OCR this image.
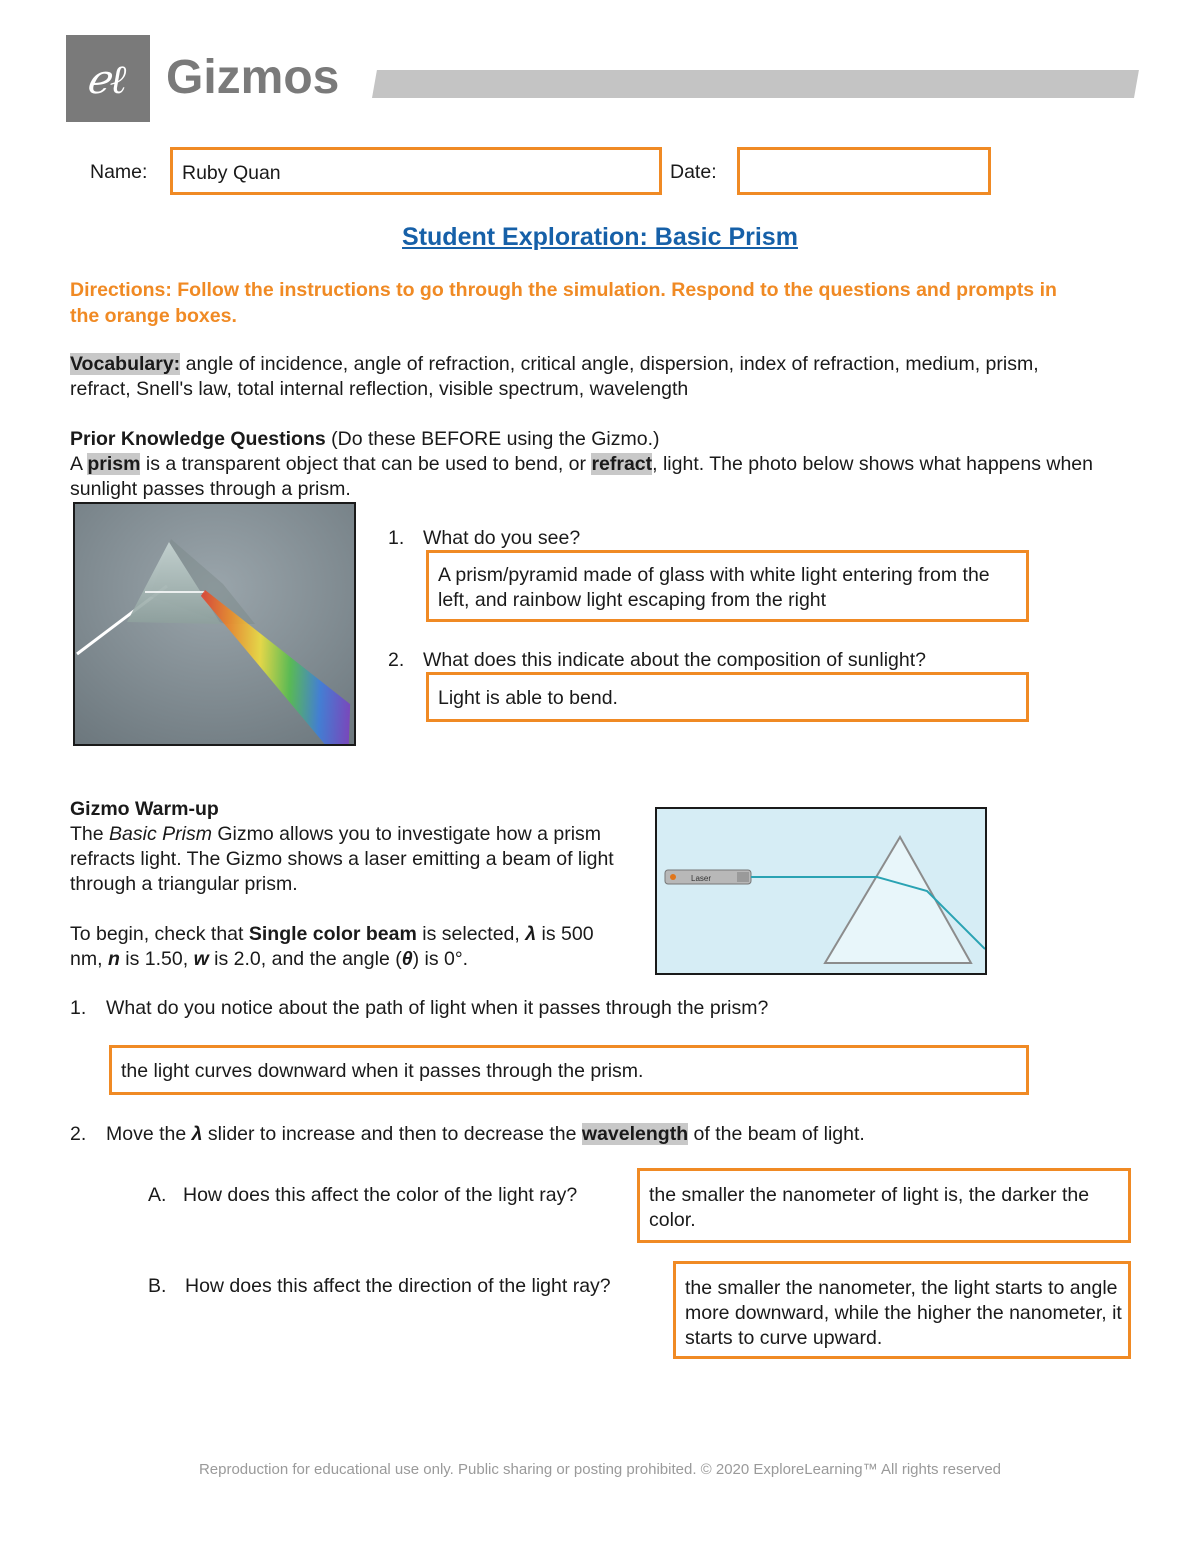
ℯℓ Gizmos
Name: Ruby Quan	Date:
Student Exploration: Basic Prism
Directions: Follow the instructions to go through the simulation. Respond to the questions and prompts in the orange boxes.
Vocabulary: angle of incidence, angle of refraction, critical angle, dispersion, index of refraction, medium, prism, refract, Snell's law, total internal reflection, visible spectrum, wavelength
Prior Knowledge Questions (Do these BEFORE using the Gizmo.)
A prism is a transparent object that can be used to bend, or refract, light. The photo below shows what happens when sunlight passes through a prism.
1. What do you see?
A prism/pyramid made of glass with white light entering from the left, and rainbow light escaping from the right
2. What does this indicate about the composition of sunlight?
Light is able to bend.
Gizmo Warm-up
The Basic Prism Gizmo allows you to investigate how a prism refracts light. The Gizmo shows a laser emitting a beam of light through a triangular prism.
To begin, check that Single color beam is selected, λ is 500 nm, n is 1.50, w is 2.0, and the angle (θ) is 0°.
Laser
1. What do you notice about the path of light when it passes through the prism?
the light curves downward when it passes through the prism.
2. Move the λ slider to increase and then to decrease the wavelength of the beam of light.
A. How does this affect the color of the light ray?	the smaller the nanometer of light is, the darker the color.
B. How does this affect the direction of the light ray?	the smaller the nanometer, the light starts to angle more downward, while the higher the nanometer, it starts to curve upward.
Reproduction for educational use only. Public sharing or posting prohibited. © 2020 ExploreLearning™ All rights reserved
